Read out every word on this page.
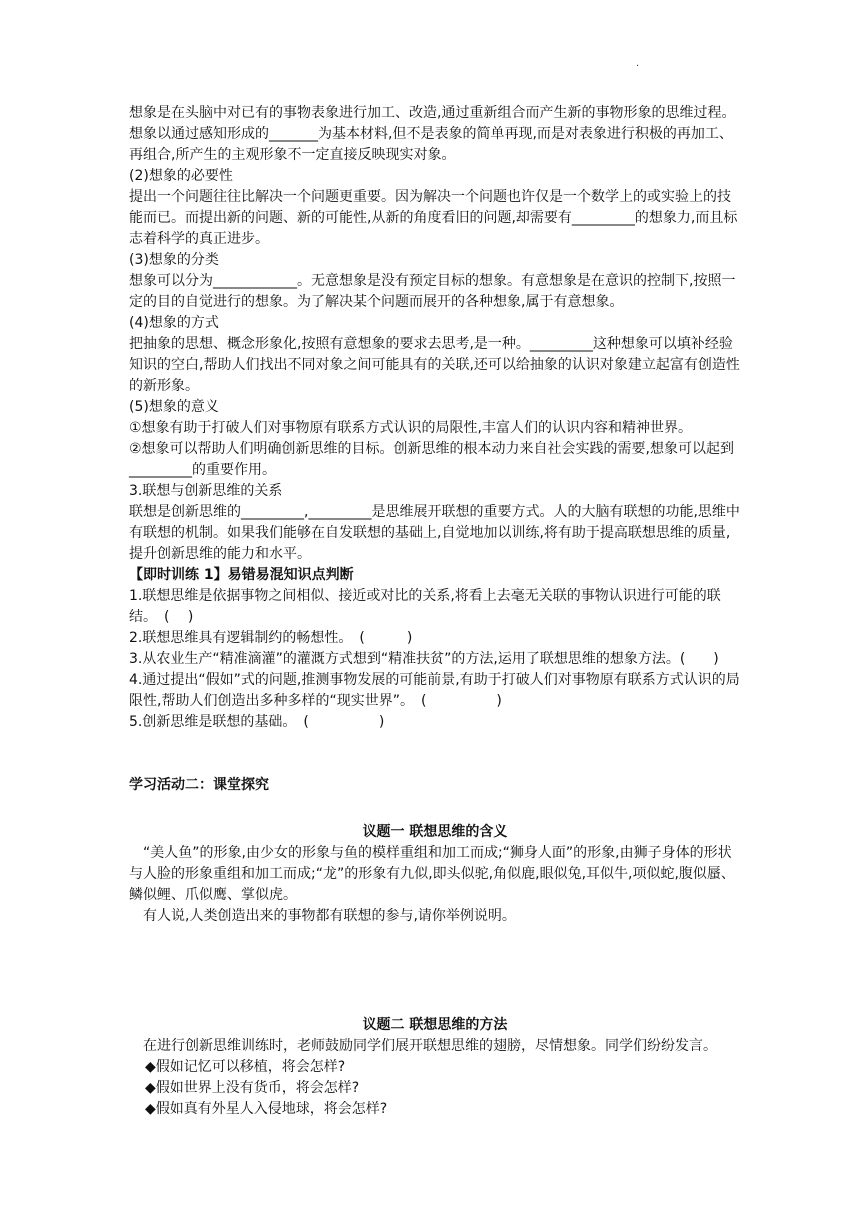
.

想象是在头脑中对已有的事物表象进行加工、改造,通过重新组合而产生新的事物形象的思维过程。想象以通过感知形成的_______为基本材料,但不是表象的简单再现,而是对表象进行积极的再加工、再组合,所产生的主观形象不一定直接反映现实对象。

(2)想象的必要性

提出一个问题往往比解决一个问题更重要。因为解决一个问题也许仅是一个数学上的或实验上的技能而已。而提出新的问题、新的可能性,从新的角度看旧的问题,却需要有_________的想象力,而且标志着科学的真正进步。

(3)想象的分类

想象可以分为____________。无意想象是没有预定目标的想象。有意想象是在意识的控制下,按照一定的目的自觉进行的想象。为了解决某个问题而展开的各种想象,属于有意想象。

(4)想象的方式

把抽象的思想、概念形象化,按照有意想象的要求去思考,是一种。_________这种想象可以填补经验知识的空白,帮助人们找出不同对象之间可能具有的关联,还可以给抽象的认识对象建立起富有创造性的新形象。

(5)想象的意义

①想象有助于打破人们对事物原有联系方式认识的局限性,丰富人们的认识内容和精神世界。

②想象可以帮助人们明确创新思维的目标。创新思维的根本动力来自社会实践的需要,想象可以起到_________的重要作用。

3.联想与创新思维的关系

联想是创新思维的_________,_________是思维展开联想的重要方式。人的大脑有联想的功能,思维中有联想的机制。如果我们能够在自发联想的基础上,自觉地加以训练,将有助于提高联想思维的质量,提升创新思维的能力和水平。

【即时训练 1】易错易混知识点判断

1.联想思维是依据事物之间相似、接近或对比的关系,将看上去毫无关联的事物认识进行可能的联结。　(　 )

2.联想思维具有逻辑制约的畅想性。　(　　　)

3.从农业生产“精准滴灌”的灌溉方式想到“精准扶贫”的方法,运用了联想思维的想象方法。(　　)

4.通过提出“假如”式的问题,推测事物发展的可能前景,有助于打破人们对事物原有联系方式认识的局限性,帮助人们创造出多种多样的“现实世界”。　(　　　　　)

5.创新思维是联想的基础。　(　　　　　)

学习活动二：课堂探究

议题一 联想思维的含义

“美人鱼”的形象,由少女的形象与鱼的模样重组和加工而成;“狮身人面”的形象,由狮子身体的形状与人脸的形象重组和加工而成;“龙”的形象有九似,即头似驼,角似鹿,眼似兔,耳似牛,项似蛇,腹似蜃、鳞似鲤、爪似鹰、掌似虎。

有人说,人类创造出来的事物都有联想的参与,请你举例说明。

议题二 联想思维的方法

在进行创新思维训练时，老师鼓励同学们展开联想思维的翅膀，尽情想象。同学们纷纷发言。

◆假如记忆可以移植，将会怎样?

◆假如世界上没有货币，将会怎样?

◆假如真有外星人入侵地球，将会怎样?
